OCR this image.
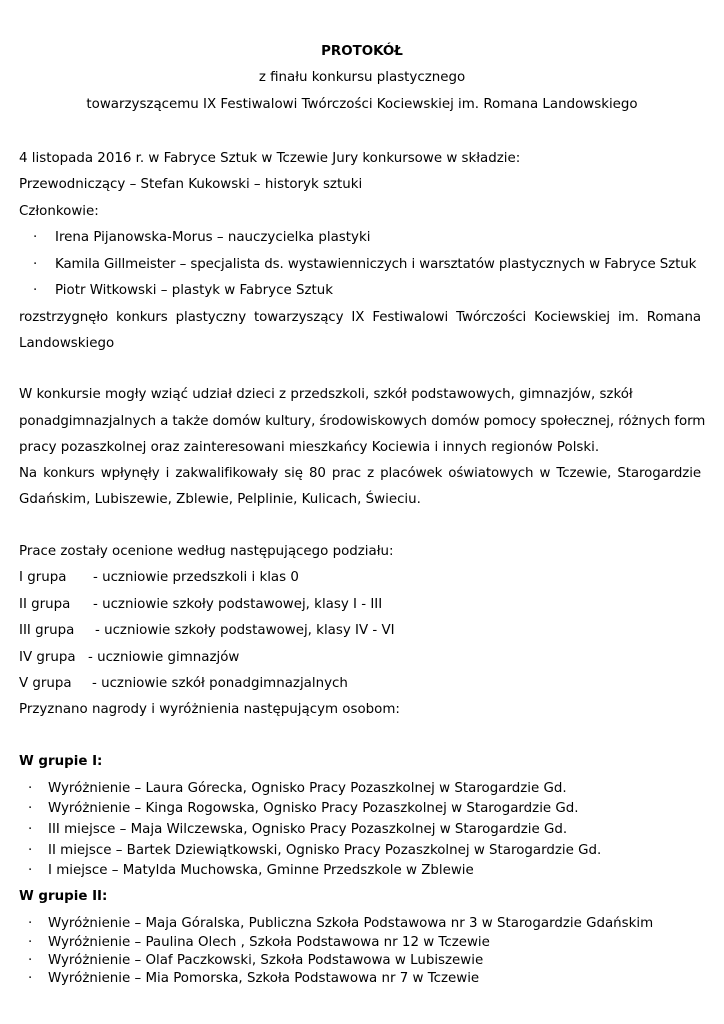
PROTOKÓŁ
z finału konkursu plastycznego
towarzyszącemu IX Festiwalowi Twórczości Kociewskiej im. Romana Landowskiego
4 listopada 2016 r. w Fabryce Sztuk w Tczewie Jury konkursowe w składzie:
Przewodniczący – Stefan Kukowski – historyk sztuki
Członkowie:
· Irena Pijanowska-Morus – nauczycielka plastyki
· Kamila Gillmeister – specjalista ds. wystawienniczych i warsztatów plastycznych w Fabryce Sztuk
· Piotr Witkowski – plastyk w Fabryce Sztuk
rozstrzygnęło konkurs plastyczny towarzyszący IX Festiwalowi Twórczości Kociewskiej im. Romana
Landowskiego
W konkursie mogły wziąć udział dzieci z przedszkoli, szkół podstawowych, gimnazjów, szkół
ponadgimnazjalnych a także domów kultury, środowiskowych domów pomocy społecznej, różnych form
pracy pozaszkolnej oraz zainteresowani mieszkańcy Kociewia i innych regionów Polski.
Na konkurs wpłynęły i zakwalifikowały się 80 prac z placówek oświatowych w Tczewie, Starogardzie
Gdańskim, Lubiszewie, Zblewie, Pelplinie, Kulicach, Świeciu.
Prace zostały ocenione według następującego podziału:
I grupa - uczniowie przedszkoli i klas 0
II grupa - uczniowie szkoły podstawowej, klasy I - III
III grupa - uczniowie szkoły podstawowej, klasy IV - VI
IV grupa - uczniowie gimnazjów
V grupa - uczniowie szkół ponadgimnazjalnych
Przyznano nagrody i wyróżnienia następującym osobom:
W grupie I:
· Wyróżnienie – Laura Górecka, Ognisko Pracy Pozaszkolnej w Starogardzie Gd.
· Wyróżnienie – Kinga Rogowska, Ognisko Pracy Pozaszkolnej w Starogardzie Gd.
· III miejsce – Maja Wilczewska, Ognisko Pracy Pozaszkolnej w Starogardzie Gd.
· II miejsce – Bartek Dziewiątkowski, Ognisko Pracy Pozaszkolnej w Starogardzie Gd.
· I miejsce – Matylda Muchowska, Gminne Przedszkole w Zblewie
W grupie II:
· Wyróżnienie – Maja Góralska, Publiczna Szkoła Podstawowa nr 3 w Starogardzie Gdańskim
· Wyróżnienie – Paulina Olech , Szkoła Podstawowa nr 12 w Tczewie
· Wyróżnienie – Olaf Paczkowski, Szkoła Podstawowa w Lubiszewie
· Wyróżnienie – Mia Pomorska, Szkoła Podstawowa nr 7 w Tczewie
